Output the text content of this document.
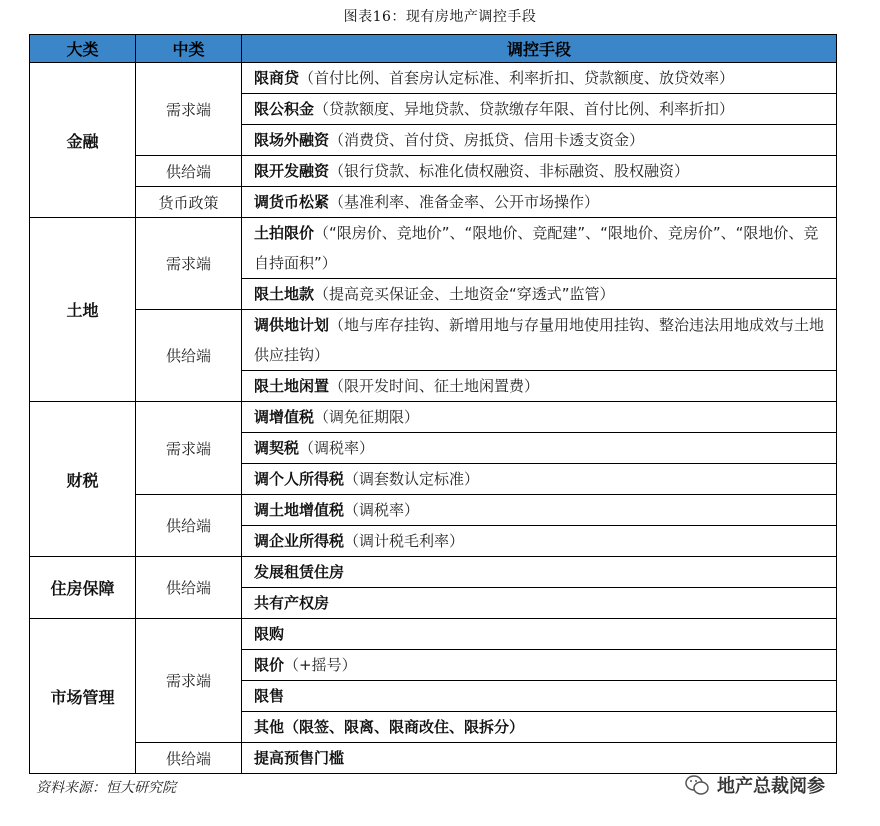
图表16：现有房地产调控手段
大类	中类	调控手段
金融	需求端	限商贷（首付比例、首套房认定标准、利率折扣、贷款额度、放贷效率）
		限公积金（贷款额度、异地贷款、贷款缴存年限、首付比例、利率折扣）
		限场外融资（消费贷、首付贷、房抵贷、信用卡透支资金）
	供给端	限开发融资（银行贷款、标准化债权融资、非标融资、股权融资）
	货币政策	调货币松紧（基准利率、准备金率、公开市场操作）
土地	需求端	土拍限价（“限房价、竞地价”、“限地价、竞配建”、“限地价、竞房价”、“限地价、竞自持面积”）
		限土地款（提高竞买保证金、土地资金“穿透式”监管）
	供给端	调供地计划（地与库存挂钩、新增用地与存量用地使用挂钩、整治违法用地成效与土地供应挂钩）
		限土地闲置（限开发时间、征土地闲置费）
财税	需求端	调增值税（调免征期限）
		调契税（调税率）
		调个人所得税（调套数认定标准）
	供给端	调土地增值税（调税率）
		调企业所得税（调计税毛利率）
住房保障	供给端	发展租赁住房
		共有产权房
市场管理	需求端	限购
		限价（+摇号）
		限售
		其他（限签、限离、限商改住、限拆分）
	供给端	提高预售门槛
资料来源：恒大研究院	地产总裁阅参
